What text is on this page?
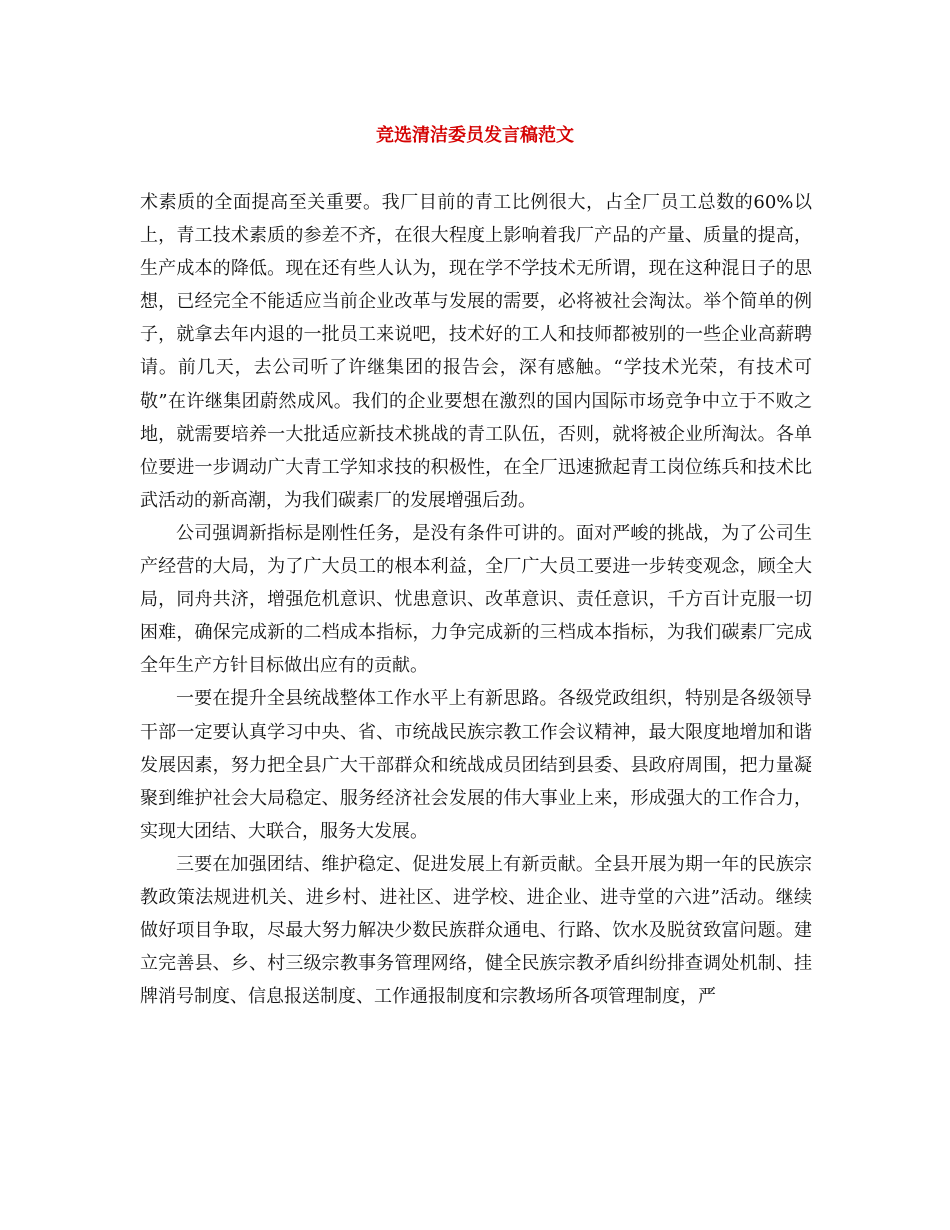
竞选清洁委员发言稿范文

术素质的全面提高至关重要。我厂目前的青工比例很大，占全厂员工总数的60%以上，青工技术素质的参差不齐，在很大程度上影响着我厂产品的产量、质量的提高，生产成本的降低。现在还有些人认为，现在学不学技术无所谓，现在这种混日子的思想，已经完全不能适应当前企业改革与发展的需要，必将被社会淘汰。举个简单的例子，就拿去年内退的一批员工来说吧，技术好的工人和技师都被别的一些企业高薪聘请。前几天，去公司听了许继集团的报告会，深有感触。“学技术光荣，有技术可敬”在许继集团蔚然成风。我们的企业要想在激烈的国内国际市场竞争中立于不败之地，就需要培养一大批适应新技术挑战的青工队伍，否则，就将被企业所淘汰。各单位要进一步调动广大青工学知求技的积极性，在全厂迅速掀起青工岗位练兵和技术比武活动的新高潮，为我们碳素厂的发展增强后劲。

公司强调新指标是刚性任务，是没有条件可讲的。面对严峻的挑战，为了公司生产经营的大局，为了广大员工的根本利益，全厂广大员工要进一步转变观念，顾全大局，同舟共济，增强危机意识、忧患意识、改革意识、责任意识，千方百计克服一切困难，确保完成新的二档成本指标，力争完成新的三档成本指标，为我们碳素厂完成全年生产方针目标做出应有的贡献。

一要在提升全县统战整体工作水平上有新思路。各级党政组织，特别是各级领导干部一定要认真学习中央、省、市统战民族宗教工作会议精神，最大限度地增加和谐发展因素，努力把全县广大干部群众和统战成员团结到县委、县政府周围，把力量凝聚到维护社会大局稳定、服务经济社会发展的伟大事业上来，形成强大的工作合力，实现大团结、大联合，服务大发展。

三要在加强团结、维护稳定、促进发展上有新贡献。全县开展为期一年的民族宗教政策法规进机关、进乡村、进社区、进学校、进企业、进寺堂的六进”活动。继续做好项目争取，尽最大努力解决少数民族群众通电、行路、饮水及脱贫致富问题。建立完善县、乡、村三级宗教事务管理网络，健全民族宗教矛盾纠纷排查调处机制、挂牌消号制度、信息报送制度、工作通报制度和宗教场所各项管理制度，严
